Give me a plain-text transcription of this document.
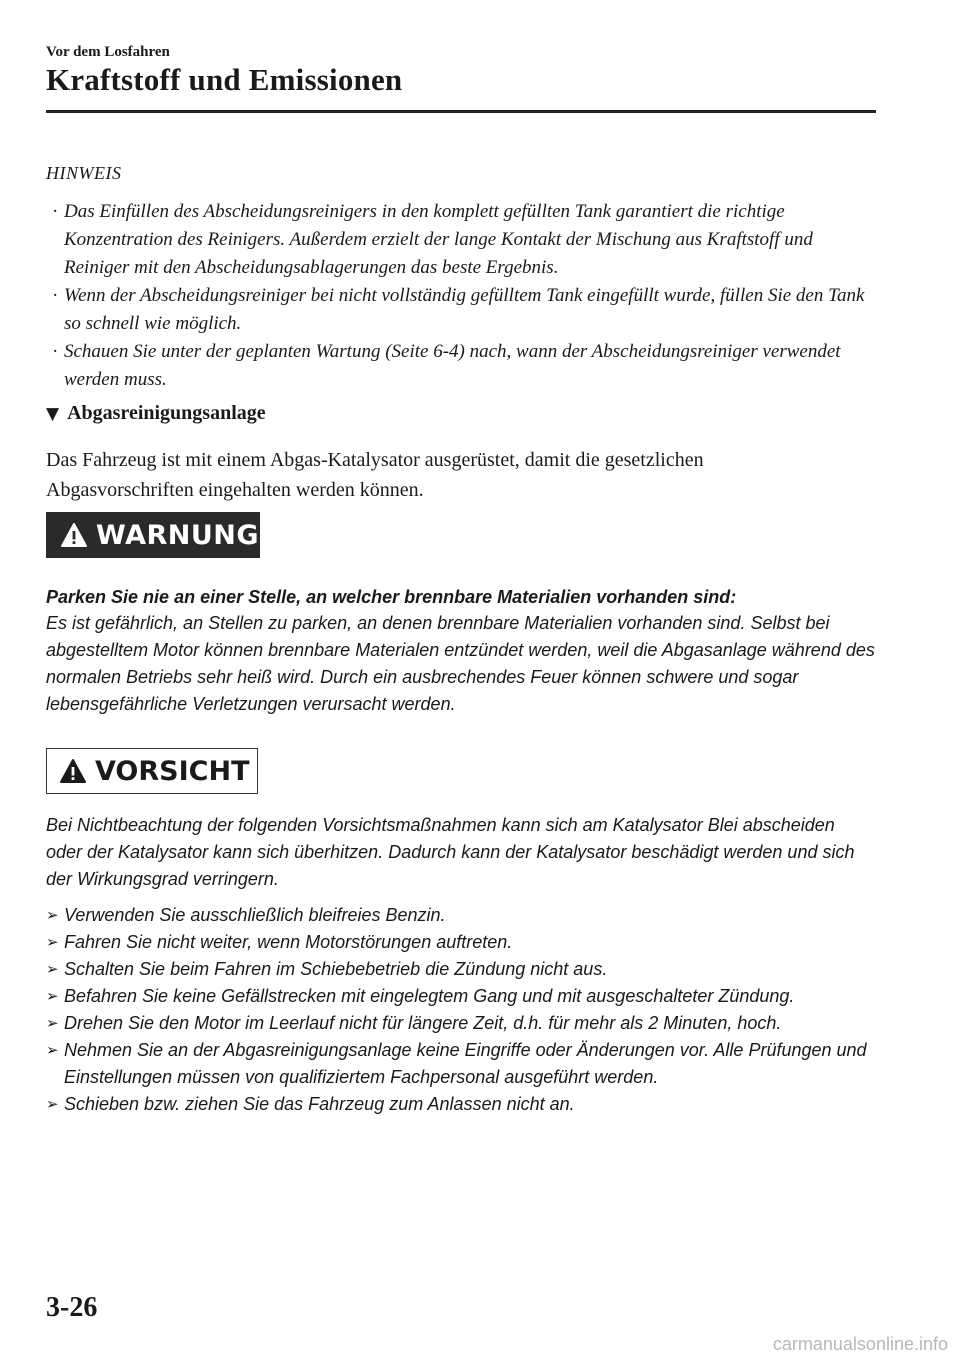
Vor dem Losfahren
Kraftstoff und Emissionen
HINWEIS
· Das Einfüllen des Abscheidungsreinigers in den komplett gefüllten Tank garantiert die richtige Konzentration des Reinigers. Außerdem erzielt der lange Kontakt der Mischung aus Kraftstoff und Reiniger mit den Abscheidungsablagerungen das beste Ergebnis.
· Wenn der Abscheidungsreiniger bei nicht vollständig gefülltem Tank eingefüllt wurde, füllen Sie den Tank so schnell wie möglich.
· Schauen Sie unter der geplanten Wartung (Seite 6-4) nach, wann der Abscheidungsreiniger verwendet werden muss.
▼ Abgasreinigungsanlage
Das Fahrzeug ist mit einem Abgas-Katalysator ausgerüstet, damit die gesetzlichen Abgasvorschriften eingehalten werden können.
WARNUNG
Parken Sie nie an einer Stelle, an welcher brennbare Materialien vorhanden sind:
Es ist gefährlich, an Stellen zu parken, an denen brennbare Materialien vorhanden sind. Selbst bei abgestelltem Motor können brennbare Materialen entzündet werden, weil die Abgasanlage während des normalen Betriebs sehr heiß wird. Durch ein ausbrechendes Feuer können schwere und sogar lebensgefährliche Verletzungen verursacht werden.
VORSICHT
Bei Nichtbeachtung der folgenden Vorsichtsmaßnahmen kann sich am Katalysator Blei abscheiden oder der Katalysator kann sich überhitzen. Dadurch kann der Katalysator beschädigt werden und sich der Wirkungsgrad verringern.
➢ Verwenden Sie ausschließlich bleifreies Benzin.
➢ Fahren Sie nicht weiter, wenn Motorstörungen auftreten.
➢ Schalten Sie beim Fahren im Schiebebetrieb die Zündung nicht aus.
➢ Befahren Sie keine Gefällstrecken mit eingelegtem Gang und mit ausgeschalteter Zündung.
➢ Drehen Sie den Motor im Leerlauf nicht für längere Zeit, d.h. für mehr als 2 Minuten, hoch.
➢ Nehmen Sie an der Abgasreinigungsanlage keine Eingriffe oder Änderungen vor. Alle Prüfungen und Einstellungen müssen von qualifiziertem Fachpersonal ausgeführt werden.
➢ Schieben bzw. ziehen Sie das Fahrzeug zum Anlassen nicht an.
3-26
carmanualsonline.info
